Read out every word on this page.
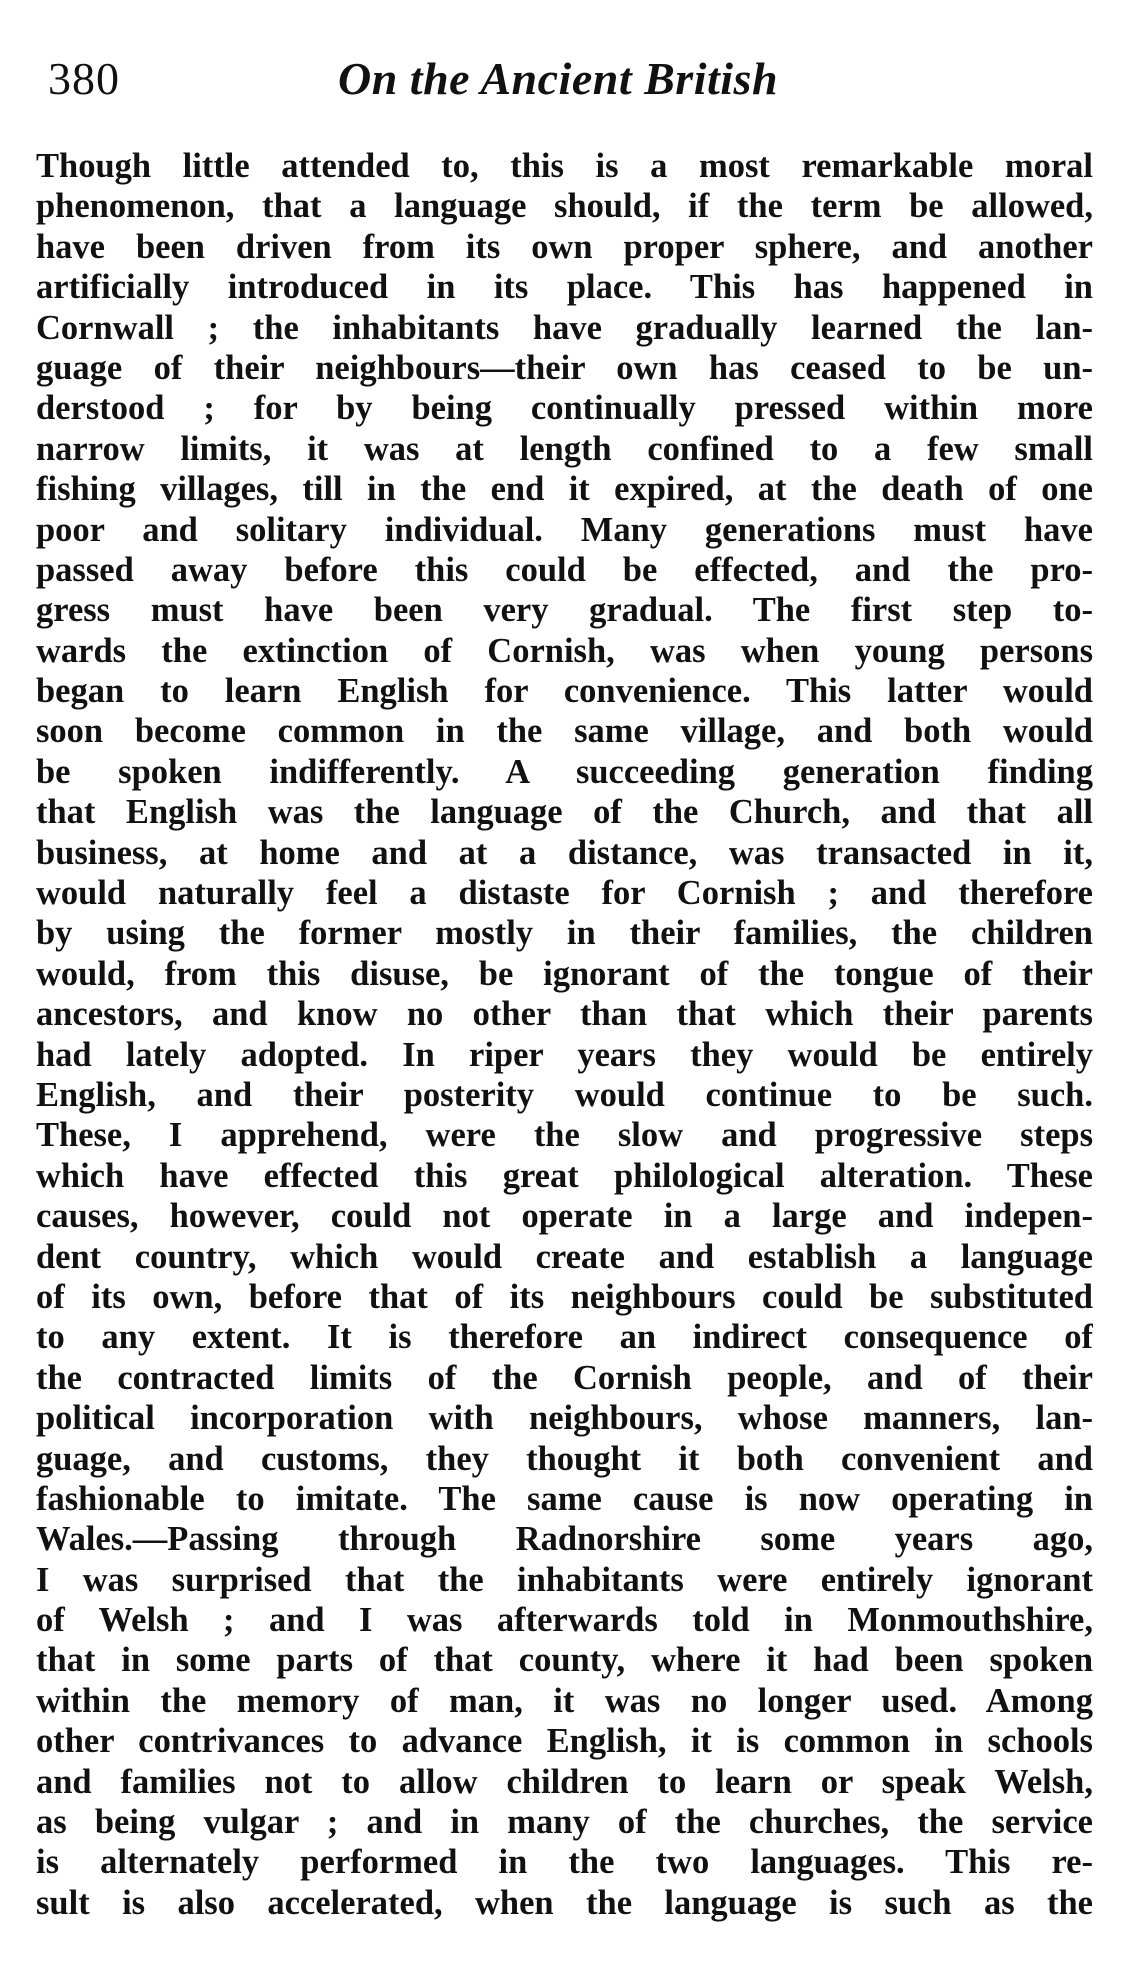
380	On the Ancient British
Though little attended to, this is a most remarkable moral
phenomenon, that a language should, if the term be allowed,
have been driven from its own proper sphere, and another
artificially introduced in its place. This has happened in
Cornwall ; the inhabitants have gradually learned the lan-
guage of their neighbours—their own has ceased to be un-
derstood ; for by being continually pressed within more
narrow limits, it was at length confined to a few small
fishing villages, till in the end it expired, at the death of one
poor and solitary individual. Many generations must have
passed away before this could be effected, and the pro-
gress must have been very gradual. The first step to-
wards the extinction of Cornish, was when young persons
began to learn English for convenience. This latter would
soon become common in the same village, and both would
be spoken indifferently. A succeeding generation finding
that English was the language of the Church, and that all
business, at home and at a distance, was transacted in it,
would naturally feel a distaste for Cornish ; and therefore
by using the former mostly in their families, the children
would, from this disuse, be ignorant of the tongue of their
ancestors, and know no other than that which their parents
had lately adopted. In riper years they would be entirely
English, and their posterity would continue to be such.
These, I apprehend, were the slow and progressive steps
which have effected this great philological alteration. These
causes, however, could not operate in a large and indepen-
dent country, which would create and establish a language
of its own, before that of its neighbours could be substituted
to any extent. It is therefore an indirect consequence of
the contracted limits of the Cornish people, and of their
political incorporation with neighbours, whose manners, lan-
guage, and customs, they thought it both convenient and
fashionable to imitate. The same cause is now operating in
Wales.—Passing through Radnorshire some years ago,
I was surprised that the inhabitants were entirely ignorant
of Welsh ; and I was afterwards told in Monmouthshire,
that in some parts of that county, where it had been spoken
within the memory of man, it was no longer used. Among
other contrivances to advance English, it is common in schools
and families not to allow children to learn or speak Welsh,
as being vulgar ; and in many of the churches, the service
is alternately performed in the two languages. This re-
sult is also accelerated, when the language is such as the
